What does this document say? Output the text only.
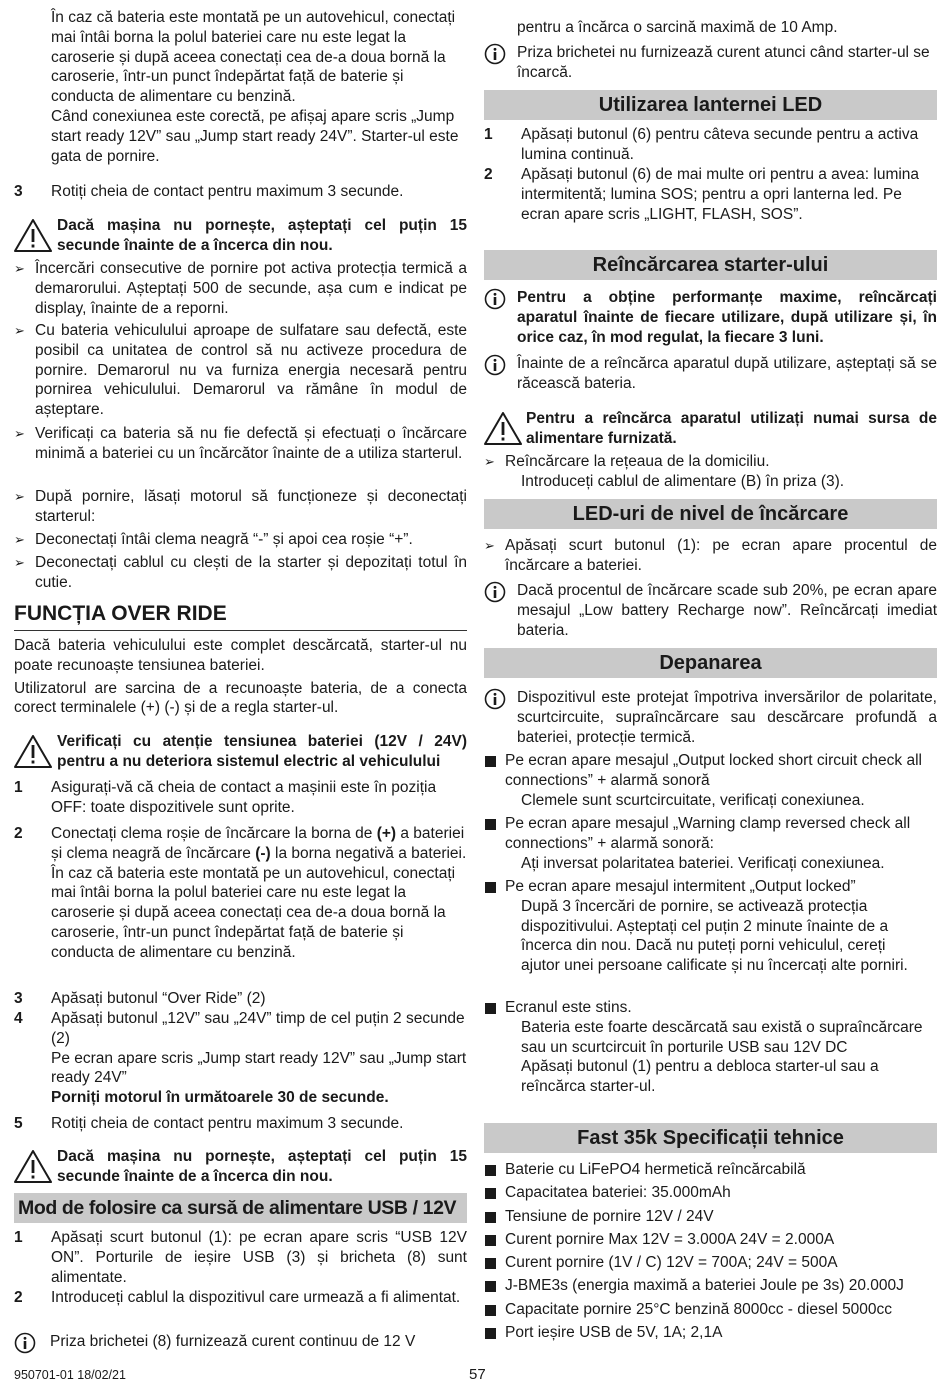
În caz că bateria este montată pe un autovehicul, conectați mai întâi borna la polul bateriei care nu este legat la caroserie și după aceea conectați cea de-a doua bornă la caroserie, într-un punct îndepărtat față de baterie și conducta de alimentare cu benzină.

Când conexiunea este corectă, pe afișaj apare scris „Jump start ready 12V” sau „Jump start ready 24V”. Starter-ul este gata de pornire.

3	Rotiți cheia de contact pentru maximum 3 secunde.

Dacă mașina nu pornește, așteptați cel puțin 15 secunde înainte de a încerca din nou.

➢ Încercări consecutive de pornire pot activa protecția termică a demarorului. Așteptați 500 de secunde, așa cum e indicat pe display, înainte de a reporni.

➢ Cu bateria vehiculului aproape de sulfatare sau defectă, este posibil ca unitatea de control să nu activeze procedura de pornire. Demarorul nu va furniza energia necesară pentru pornirea vehiculului. Demarorul va rămâne în modul de așteptare.

➢ Verificați ca bateria să nu fie defectă și efectuați o încărcare minimă a bateriei cu un încărcător înainte de a utiliza starterul.

➢ După pornire, lăsați motorul să funcționeze și deconectați starterul:

➢ Deconectați întâi clema neagră “-” și apoi cea roșie “+”.

➢ Deconectați cablul cu clești de la starter și depozitați totul în cutie.

FUNCȚIA OVER RIDE

Dacă bateria vehiculului este complet descărcată, starter-ul nu poate recunoaște tensiunea bateriei.

Utilizatorul are sarcina de a recunoaște bateria, de a conecta corect terminalele (+) (-) și de a regla starter-ul.

Verificați cu atenție tensiunea bateriei (12V / 24V) pentru a nu deteriora sistemul electric al vehiculului

1	Asigurați-vă că cheia de contact a mașinii este în poziția OFF: toate dispozitivele sunt oprite.

2	Conectați clema roșie de încărcare la borna de (+) a bateriei și clema neagră de încărcare (-) la borna negativă a bateriei.

În caz că bateria este montată pe un autovehicul, conectați mai întâi borna la polul bateriei care nu este legat la caroserie și după aceea conectați cea de-a doua bornă la caroserie, într-un punct îndepărtat față de baterie și conducta de alimentare cu benzină.

3	Apăsați butonul “Over Ride” (2)

4	Apăsați butonul „12V” sau „24V” timp de cel puțin 2 secunde (2)

Pe ecran apare scris „Jump start ready 12V” sau „Jump start ready 24V”

Porniți motorul în următoarele 30 de secunde.

5	Rotiți cheia de contact pentru maximum 3 secunde.

Dacă mașina nu pornește, așteptați cel puțin 15 secunde înainte de a încerca din nou.

Mod de folosire ca sursă de alimentare USB / 12V
1	Apăsați scurt butonul (1): pe ecran apare scris “USB 12V ON”. Porturile de ieșire USB (3) și bricheta (8) sunt alimentate.

2	Introduceți cablul la dispozitivul care urmează a fi alimentat.

Priza brichetei (8) furnizează curent continuu de 12 V

pentru a încărca o sarcină maximă de 10 Amp.

Priza brichetei nu furnizează curent atunci când starter-ul se încarcă.

Utilizarea lanternei LED
1	Apăsați butonul (6) pentru câteva secunde pentru a activa lumina continuă.

2	Apăsați butonul (6) de mai multe ori pentru a avea: lumina intermitentă; lumina SOS; pentru a opri lanterna led. Pe ecran apare scris „LIGHT, FLASH, SOS”.

Reîncărcarea starter-ului

Pentru a obține performanțe maxime, reîncărcați aparatul înainte de fiecare utilizare, după utilizare și, în orice caz, în mod regulat, la fiecare 3 luni.

Înainte de a reîncărca aparatul după utilizare, așteptați să se răcească bateria.

Pentru a reîncărca aparatul utilizați numai sursa de alimentare furnizată.

➢ Reîncărcare la rețeaua de la domiciliu.

Introduceți cablul de alimentare (B) în priza (3).

LED-uri de nivel de încărcare
➢ Apăsați scurt butonul (1): pe ecran apare procentul de încărcare a bateriei.

Dacă procentul de încărcare scade sub 20%, pe ecran apare mesajul „Low battery Recharge now”. Reîncărcați imediat bateria.

Depanarea

Dispozitivul este protejat împotriva inversărilor de polaritate, scurtcircuite, supraîncărcare sau descărcare profundă a bateriei, protecție termică.

Pe ecran apare mesajul „Output locked short circuit check all connections” + alarmă sonoră

Clemele sunt scurtcircuitate, verificați conexiunea.

Pe ecran apare mesajul „Warning clamp reversed check all connections” + alarmă sonoră:

Ați inversat polaritatea bateriei. Verificați conexiunea.

Pe ecran apare mesajul intermitent „Output locked”

După 3 încercări de pornire, se activează protecția dispozitivului. Așteptați cel puțin 2 minute înainte de a încerca din nou. Dacă nu puteți porni vehiculul, cereți ajutor unei persoane calificate și nu încercați alte porniri.

Ecranul este stins.

Bateria este foarte descărcată sau există o supraîncărcare sau un scurtcircuit în porturile USB sau 12V DC

Apăsați butonul (1) pentru a debloca starter-ul sau a reîncărca starter-ul.

Fast 35k Specificații tehnice

Baterie cu LiFePO4 hermetică reîncărcabilă

Capacitatea bateriei: 35.000mAh

Tensiune de pornire 12V / 24V

Curent pornire Max 12V = 3.000A 24V = 2.000A

Curent pornire (1V / C) 12V = 700A; 24V = 500A

J-BME3s (energia maximă a bateriei Joule pe 3s) 20.000J

Capacitate pornire 25°C benzină 8000cc - diesel 5000cc

Port ieșire USB de 5V, 1A; 2,1A

950701-01 18/02/21	57
